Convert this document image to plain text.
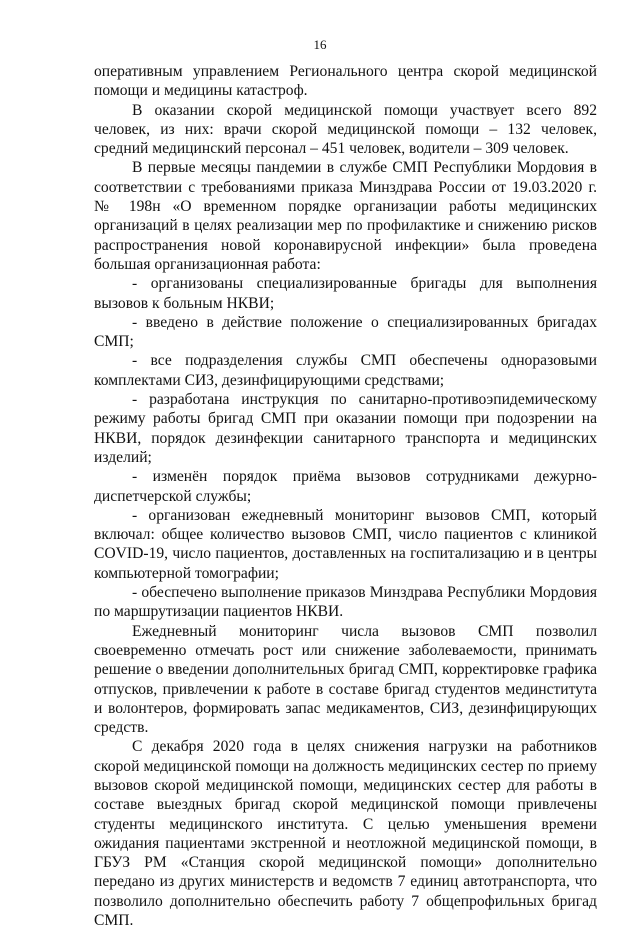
16

оперативным управлением Регионального центра скорой медицинской помощи и медицины катастроф.

В оказании скорой медицинской помощи участвует всего 892 человек, из них: врачи скорой медицинской помощи – 132 человек, средний медицинский персонал – 451 человек, водители – 309 человек.

В первые месяцы пандемии в службе СМП Республики Мордовия в соответствии с требованиями приказа Минздрава России от 19.03.2020 г. № 198н «О временном порядке организации работы медицинских организаций в целях реализации мер по профилактике и снижению рисков распространения новой коронавирусной инфекции» была проведена большая организационная работа:

- организованы специализированные бригады для выполнения вызовов к больным НКВИ;

- введено в действие положение о специализированных бригадах СМП;

- все подразделения службы СМП обеспечены одноразовыми комплектами СИЗ, дезинфицирующими средствами;

- разработана инструкция по санитарно-противоэпидемическому режиму работы бригад СМП при оказании помощи при подозрении на НКВИ, порядок дезинфекции санитарного транспорта и медицинских изделий;

- изменён порядок приёма вызовов сотрудниками дежурно-диспетчерской службы;

- организован ежедневный мониторинг вызовов СМП, который включал: общее количество вызовов СМП, число пациентов с клиникой COVID-19, число пациентов, доставленных на госпитализацию и в центры компьютерной томографии;

- обеспечено выполнение приказов Минздрава Республики Мордовия по маршрутизации пациентов НКВИ.

Ежедневный мониторинг числа вызовов СМП позволил своевременно отмечать рост или снижение заболеваемости, принимать решение о введении дополнительных бригад СМП, корректировке графика отпусков, привлечении к работе в составе бригад студентов мединститута и волонтеров, формировать запас медикаментов, СИЗ, дезинфицирующих средств.

С декабря 2020 года в целях снижения нагрузки на работников скорой медицинской помощи на должность медицинских сестер по приему вызовов скорой медицинской помощи, медицинских сестер для работы в составе выездных бригад скорой медицинской помощи привлечены студенты медицинского института. С целью уменьшения времени ожидания пациентами экстренной и неотложной медицинской помощи, в ГБУЗ РМ «Станция скорой медицинской помощи» дополнительно передано из других министерств и ведомств 7 единиц автотранспорта, что позволило дополнительно обеспечить работу 7 общепрофильных бригад СМП.
